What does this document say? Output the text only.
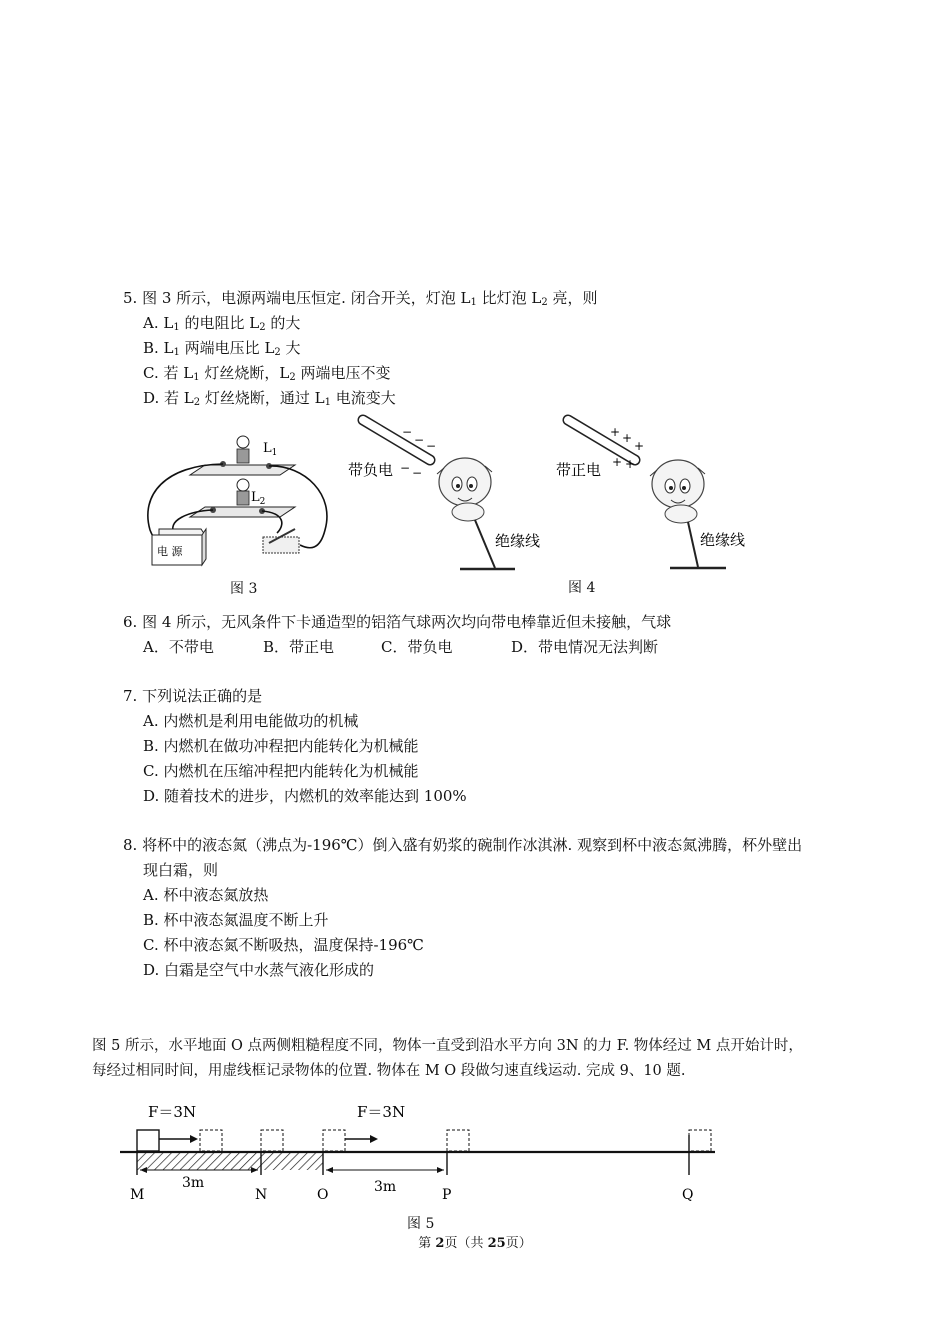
5. 图 3 所示，电源两端电压恒定. 闭合开关，灯泡 $L_1$ 比灯泡 $L_2$ 亮，则
A. $L_1$ 的电阻比 $L_2$ 的大
B. $L_1$ 两端电压比 $L_2$ 大
C. 若 $L_1$ 灯丝烧断，$L_2$ 两端电压不变
D. 若 $L_2$ 灯丝烧断，通过 $L_1$ 电流变大
$L_1$
$L_2$
电 源
图 3
−
− −
− −
带负电
绝缘线
+ +
+
+ +
带正电
绝缘线
图 4
6. 图 4 所示，无风条件下卡通造型的铝箔气球两次均向带电棒靠近但未接触，气球
A．不带电	B．带正电	C．带负电	D．带电情况无法判断
7. 下列说法正确的是
A. 内燃机是利用电能做功的机械
B. 内燃机在做功冲程把内能转化为机械能
C. 内燃机在压缩冲程把内能转化为机械能
D. 随着技术的进步，内燃机的效率能达到 100%
8. 将杯中的液态氮（沸点为-196℃）倒入盛有奶浆的碗制作冰淇淋. 观察到杯中液态氮沸腾，杯外壁出
现白霜，则
A. 杯中液态氮放热
B. 杯中液态氮温度不断上升
C. 杯中液态氮不断吸热，温度保持-196℃
D. 白霜是空气中水蒸气液化形成的
图 5 所示，水平地面 O 点两侧粗糙程度不同，物体一直受到沿水平方向 3N 的力 F. 物体经过 M 点开始计时，
每经过相同时间，用虚线框记录物体的位置. 物体在 M O 段做匀速直线运动. 完成 9、10 题.
F＝3N	F＝3N
3m	3m
M	N	O	P	Q
图 5
第 2页（共 25页）
